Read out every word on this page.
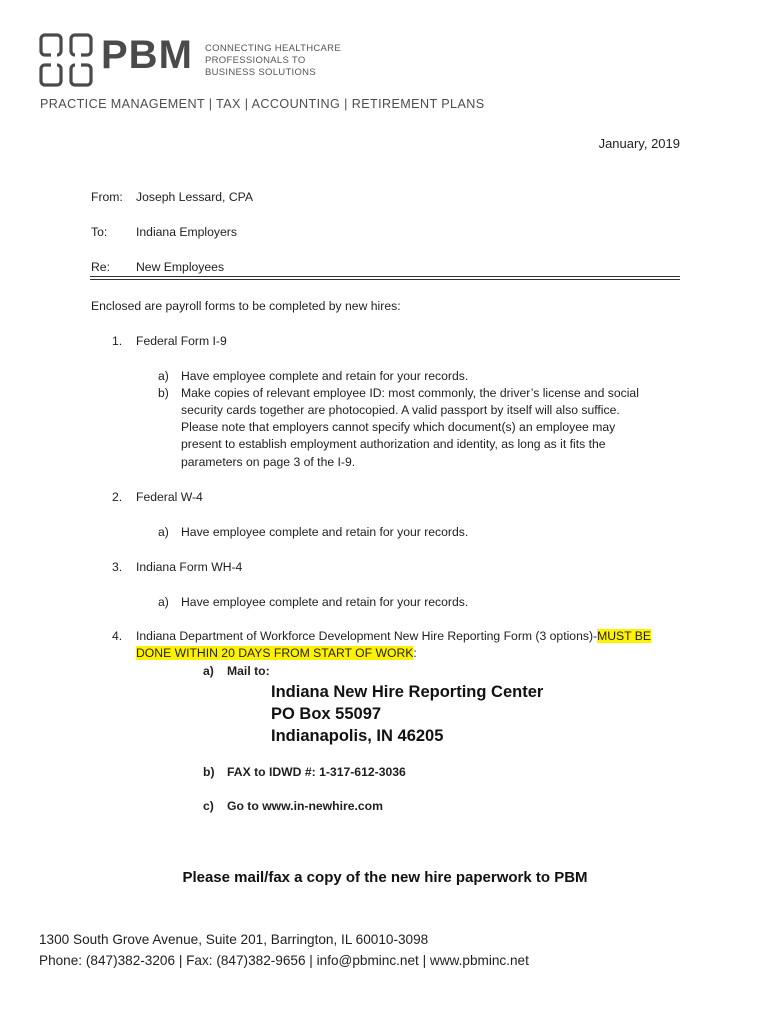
PBM CONNECTING HEALTHCARE
PROFESSIONALS TO
BUSINESS SOLUTIONS
PRACTICE MANAGEMENT | TAX | ACCOUNTING | RETIREMENT PLANS
January, 2019
From: Joseph Lessard, CPA
To: Indiana Employers
Re: New Employees
Enclosed are payroll forms to be completed by new hires:
1. Federal Form I-9
a) Have employee complete and retain for your records.
b) Make copies of relevant employee ID: most commonly, the driver’s license and social
security cards together are photocopied. A valid passport by itself will also suffice.
Please note that employers cannot specify which document(s) an employee may
present to establish employment authorization and identity, as long as it fits the
parameters on page 3 of the I-9.
2. Federal W-4
a) Have employee complete and retain for your records.
3. Indiana Form WH-4
a) Have employee complete and retain for your records.
4. Indiana Department of Workforce Development New Hire Reporting Form (3 options)-MUST BE
DONE WITHIN 20 DAYS FROM START OF WORK:
a) Mail to:
Indiana New Hire Reporting Center
PO Box 55097
Indianapolis, IN 46205
b) FAX to IDWD #: 1-317-612-3036
c) Go to www.in-newhire.com
Please mail/fax a copy of the new hire paperwork to PBM
1300 South Grove Avenue, Suite 201, Barrington, IL 60010-3098
Phone: (847)382-3206 | Fax: (847)382-9656 | info@pbminc.net | www.pbminc.net
